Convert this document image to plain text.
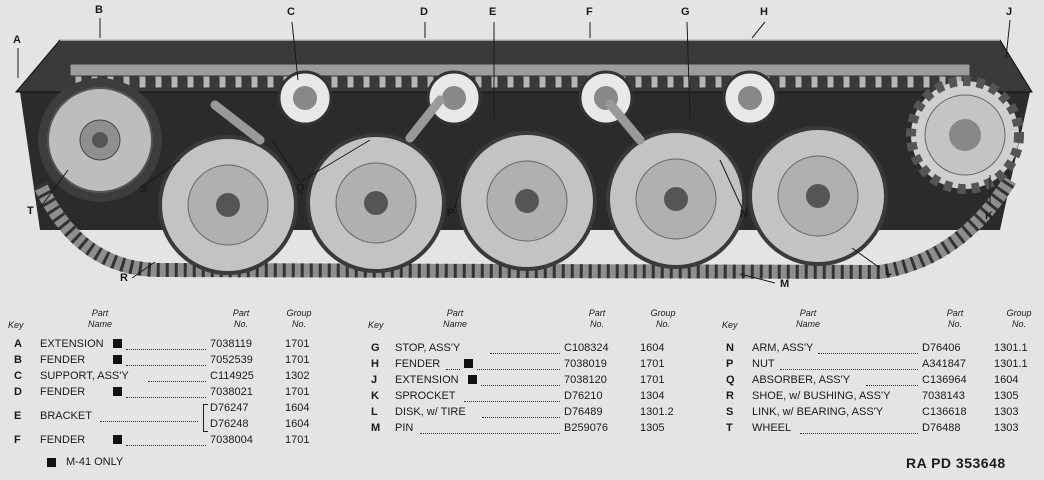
A
B	C	D	E	F	G	H	J
K
L
M
N
P
Q
R
S
T
Key
Part Name
Part No.
Group No.	Key
Part Name
Part No.
Group No.	Key
Part Name
Part No.
Group No.
A EXTENSION	7038119	1701
B FENDER	7052539	1701
C SUPPORT, ASS'Y	C114925	1302
D FENDER	7038021	1701
E BRACKET
D76247	1604
D76248	1604
F FENDER	7038004	1701
G STOP, ASS'Y	C108324	1604
H FENDER	7038019	1701
J EXTENSION	7038120	1701
K SPROCKET	D76210	1304
L DISK, w/ TIRE	D76489	1301.2
M PIN	B259076	1305
N ARM, ASS'Y	D76406	1301.1
P NUT	A341847	1301.1
Q ABSORBER, ASS'Y	C136964 1604
R SHOE, w/ BUSHING, ASS'Y	7038143	1305
S LINK, w/ BEARING, ASS'Y	C136618 1303
T WHEEL	D76488	1303
M-41 ONLY	RA PD 353648
